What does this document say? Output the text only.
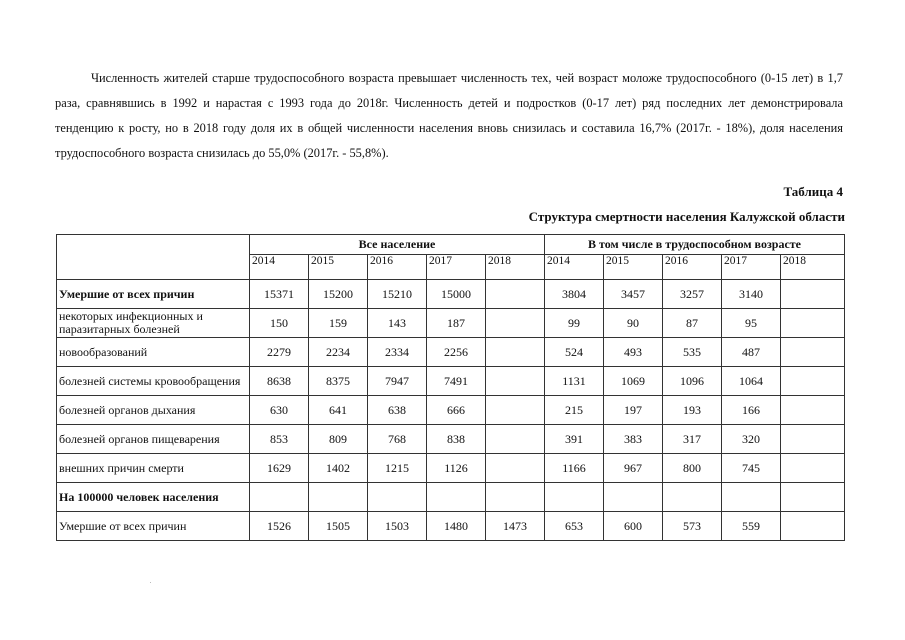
Численность жителей старше трудоспособного возраста превышает численность тех, чей возраст моложе трудоспособного (0-15 лет) в 1,7 раза, сравнявшись в 1992 и нарастая с 1993 года до 2018г. Численность детей и подростков (0-17 лет) ряд последних лет демонстрировала тенденцию к росту, но в 2018 году доля их в общей численности населения вновь снизилась и составила 16,7% (2017г. - 18%), доля населения трудоспособного возраста снизилась до 55,0% (2017г. - 55,8%).

Таблица 4
Структура смертности населения Калужской области
	Все население					В том числе в трудоспособном возрасте				
	2014	2015	2016	2017	2018	2014	2015	2016	2017	2018
Умершие от всех причин	15371	15200	15210	15000		3804	3457	3257	3140	
некоторых инфекционных и паразитарных болезней	150	159	143	187		99	90	87	95	
новообразований	2279	2234	2334	2256		524	493	535	487	
болезней системы кровообращения	8638	8375	7947	7491		1131	1069	1096	1064	
болезней органов дыхания	630	641	638	666		215	197	193	166	
болезней органов пищеварения	853	809	768	838		391	383	317	320	
внешних причин смерти	1629	1402	1215	1126		1166	967	800	745	
На 100000 человек населения										
Умершие от всех причин	1526	1505	1503	1480	1473	653	600	573	559	
